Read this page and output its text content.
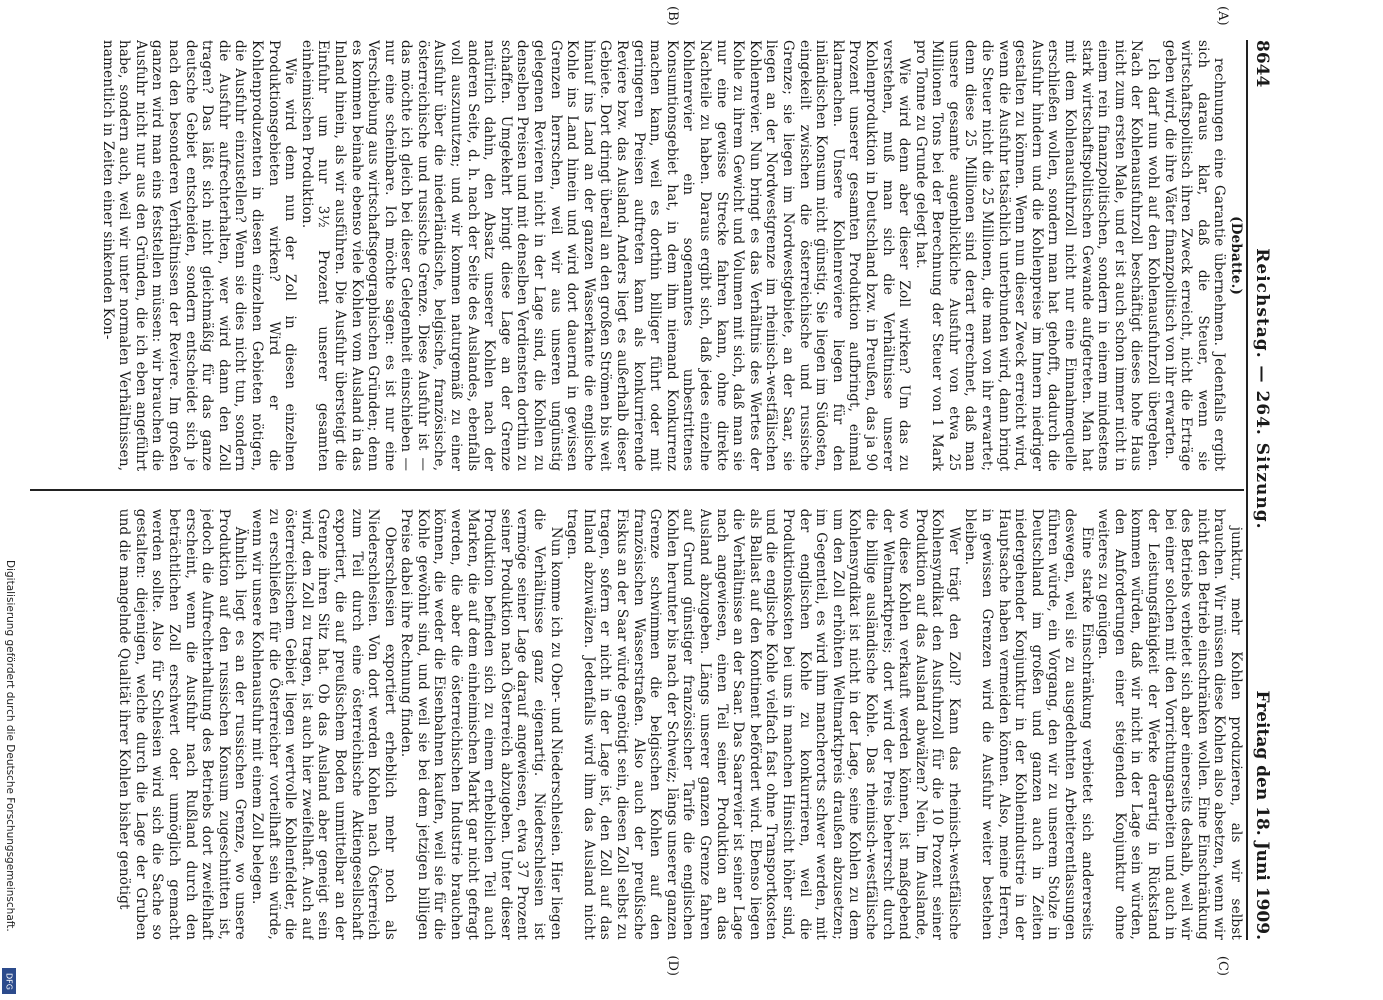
8644
Reichstag. — 264. Sitzung.
Freitag den 18. Juni 1909.
(A)
(B)
(C)
(D)

(Debatte.)

rechnungen eine Garantie übernehmen. Jedenfalls ergibt sich daraus klar, daß die Steuer, wenn sie wirtschaftspolitisch ihren Zweck erreicht, nicht die Erträge geben wird, die ihre Väter finanzpolitisch von ihr erwarten.

Ich darf nun wohl auf den Kohlenausfuhrzoll übergehen. Nach der Kohlenausfuhrzoll beschäftigt dieses hohe Haus nicht zum ersten Male, und er ist auch schon immer nicht in einem rein finanzpolitischen, sondern in einem mindestens stark wirtschaftspolitischen Gewande aufgetreten. Man hat mit dem Kohlenausfuhrzoll nicht nur eine Einnahmequelle erschließen wollen, sondern man hat gehofft, dadurch die Ausfuhr hindern und die Kohlenpreise im Innern niedriger gestalten zu können. Wenn nun dieser Zweck erreicht wird, wenn die Ausfuhr tatsächlich unterbunden wird, dann bringt die Steuer nicht die 25 Millionen, die man von ihr erwartet; denn diese 25 Millionen sind derart errechnet, daß man unsere gesamte augenblickliche Ausfuhr von etwa 25 Millionen Tons bei der Berechnung der Steuer von 1 Mark pro Tonne zu Grunde gelegt hat.

Wie wird denn aber dieser Zoll wirken? Um das zu verstehen, muß man sich die Verhältnisse unserer Kohlenproduktion in Deutschland bzw. in Preußen, das ja 90 Prozent unserer gesamten Produktion aufbringt, einmal klarmachen. Unsere Kohlenreviere liegen für den inländischen Konsum nicht günstig. Sie liegen im Südosten, eingekeilt zwischen die österreichische und russische Grenze; sie liegen im Nordwestgebiete, an der Saar, sie liegen an der Nordwestgrenze im rheinisch-westfälischen Kohlenrevier. Nun bringt es das Verhältnis des Wertes der Kohle zu ihrem Gewicht und Volumen mit sich, daß man sie nur eine gewisse Strecke fahren kann, ohne direkte Nachteile zu haben. Daraus ergibt sich, daß jedes einzelne Kohlenrevier ein sogenanntes unbestrittenes Konsumtionsgebiet hat, in dem ihm niemand Konkurrenz machen kann, weil es dorthin billiger führt oder mit geringeren Preisen auftreten kann als konkurrierende Reviere bzw. das Ausland. Anders liegt es außerhalb dieser Gebiete. Dort dringt überall an den großen Strömen bis weit hinauf ins Land an der ganzen Wasserkante die englische Kohle ins Land hinein und wird dort dauernd in gewissen Grenzen herrschen, weil wir aus unseren ungünstig gelegenen Revieren nicht in der Lage sind, die Kohlen zu denselben Preisen und mit denselben Verdiensten dorthin zu schaffen. Umgekehrt bringt diese Lage an der Grenze natürlich dahin, den Absatz unserer Kohlen nach der anderen Seite, d. h. nach der Seite des Auslandes, ebenfalls voll auszunutzen; und wir kommen naturgemäß zu einer Ausfuhr über die niederländische, belgische, französische, österreichische und russische Grenze. Diese Ausfuhr ist — das möchte ich gleich bei dieser Gelegenheit einschieben — nur eine scheinbare. Ich möchte sagen: es ist nur eine Verschiebung aus wirtschaftsgeographischen Gründen; denn es kommen beinahe ebenso viele Kohlen vom Ausland in das Inland hinein, als wir ausführen. Die Ausfuhr übersteigt die Einfuhr um nur 3½ Prozent unserer gesamten einheimischen Produktion.

Wie wird denn nun der Zoll in diesen einzelnen Produktionsgebieten wirken? Wird er die Kohlenproduzenten in diesen einzelnen Gebieten nötigen, die Ausfuhr einzustellen? Wenn sie dies nicht tun, sondern die Ausfuhr aufrechterhalten, wer wird dann den Zoll tragen? Das läßt sich nicht gleichmäßig für das ganze deutsche Gebiet entscheiden, sondern entscheidet sich je nach den besonderen Verhältnissen der Reviere. Im großen ganzen wird man eins feststellen müssen: wir brauchen die Ausfuhr nicht nur aus den Gründen, die ich eben angeführt habe, sondern auch, weil wir unter normalen Verhältnissen, namentlich in Zeiten einer sinkenden Kon-

junktur, mehr Kohlen produzieren, als wir selbst brauchen. Wir müssen diese Kohlen also absetzen, wenn wir nicht den Betrieb einschränken wollen. Eine Einschränkung des Betriebs verbietet sich aber einerseits deshalb, weil wir bei einer solchen mit den Vorrichtungsarbeiten und auch in der Leistungsfähigkeit der Werke derartig in Rückstand kommen würden, daß wir nicht in der Lage sein würden, den Anforderungen einer steigenden Konjunktur ohne weiteres zu genügen.

Eine starke Einschränkung verbietet sich andererseits deswegen, weil sie zu ausgedehnten Arbeiterentlassungen führen würde, ein Vorgang, den wir zu unserem Stolze in Deutschland im großen und ganzen auch in Zeiten niedergehender Konjunktur in der Kohlenindustrie in der Hauptsache haben vermeiden können. Also, meine Herren, in gewissen Grenzen wird die Ausfuhr weiter bestehen bleiben.

Wer trägt den Zoll? Kann das rheinisch-westfälische Kohlensyndikat den Ausfuhrzoll für die 10 Prozent seiner Produktion auf das Ausland abwälzen? Nein. Im Auslande, wo diese Kohlen verkauft werden können, ist maßgebend der Weltmarktpreis; dort wird der Preis beherrscht durch die billige ausländische Kohle. Das rheinisch-westfälische Kohlensyndikat ist nicht in der Lage, seine Kohlen zu dem um den Zoll erhöhten Weltmarktpreis draußen abzusetzen; im Gegenteil, es wird ihm mancherorts schwer werden, mit der englischen Kohle zu konkurrieren, weil die Produktionskosten bei uns in manchen Hinsicht höher sind, und die englische Kohle vielfach fast ohne Transportkosten als Ballast auf den Kontinent befördert wird. Ebenso liegen die Verhältnisse an der Saar. Das Saarrevier ist seiner Lage nach angewiesen, einen Teil seiner Produktion an das Ausland abzugeben. Längs unserer ganzen Grenze fahren auf Grund günstiger französischer Tarife die englischen Kohlen herunter bis nach der Schweiz; längs unserer ganzen Grenze schwimmen die belgischen Kohlen auf den französischen Wasserstraßen. Also auch der preußische Fiskus an der Saar würde genötigt sein, diesen Zoll selbst zu tragen, sofern er nicht in der Lage ist, den Zoll auf das Inland abzuwälzen. Jedenfalls wird ihm das Ausland nicht tragen.

Nun komme ich zu Ober- und Niederschlesien. Hier liegen die Verhältnisse ganz eigenartig. Niederschlesien ist vermöge seiner Lage darauf angewiesen, etwa 37 Prozent seiner Produktion nach Österreich abzugeben. Unter dieser Produktion befinden sich zu einem erheblichen Teil auch Marken, die auf dem einheimischen Markt gar nicht gefragt werden, die aber die österreichischen Industrie brauchen können, die weder die Eisenbahnen kaufen, weil sie für die Kohle gewöhnt sind, und weil sie bei dem jetzigen billigen Preise dabei ihre Rechnung finden.

Oberschlesien exportiert erheblich mehr noch als Niederschlesien. Von dort werden Kohlen nach Österreich zum Teil durch eine österreichische Aktiengesellschaft exportiert, die auf preußischem Boden unmittelbar an der Grenze ihren Sitz hat. Ob das Ausland aber geneigt sein wird, den Zoll zu tragen, ist auch hier zweifelhaft. Auch auf österreichischem Gebiet liegen wertvolle Kohlenfelder, die zu erschließen für die Österreicher vorteilhaft sein würde, wenn wir unsere Kohlenausfuhr mit einem Zoll belegen.

Ähnlich liegt es an der russischen Grenze, wo unsere Produktion auf den russischen Konsum zugeschnitten ist, jedoch die Aufrechterhaltung des Betriebs dort zweifelhaft erscheint, wenn die Ausfuhr nach Rußland durch den beträchtlichen Zoll erschwert oder unmöglich gemacht werden sollte. Also für Schlesien wird sich die Sache so gestalten: diejenigen, welche durch die Lage der Gruben und die mangelnde Qualität ihrer Kohlen bisher genötigt

Digitalisierung gefördert durch die Deutsche Forschungsgemeinschaft.
DFG
